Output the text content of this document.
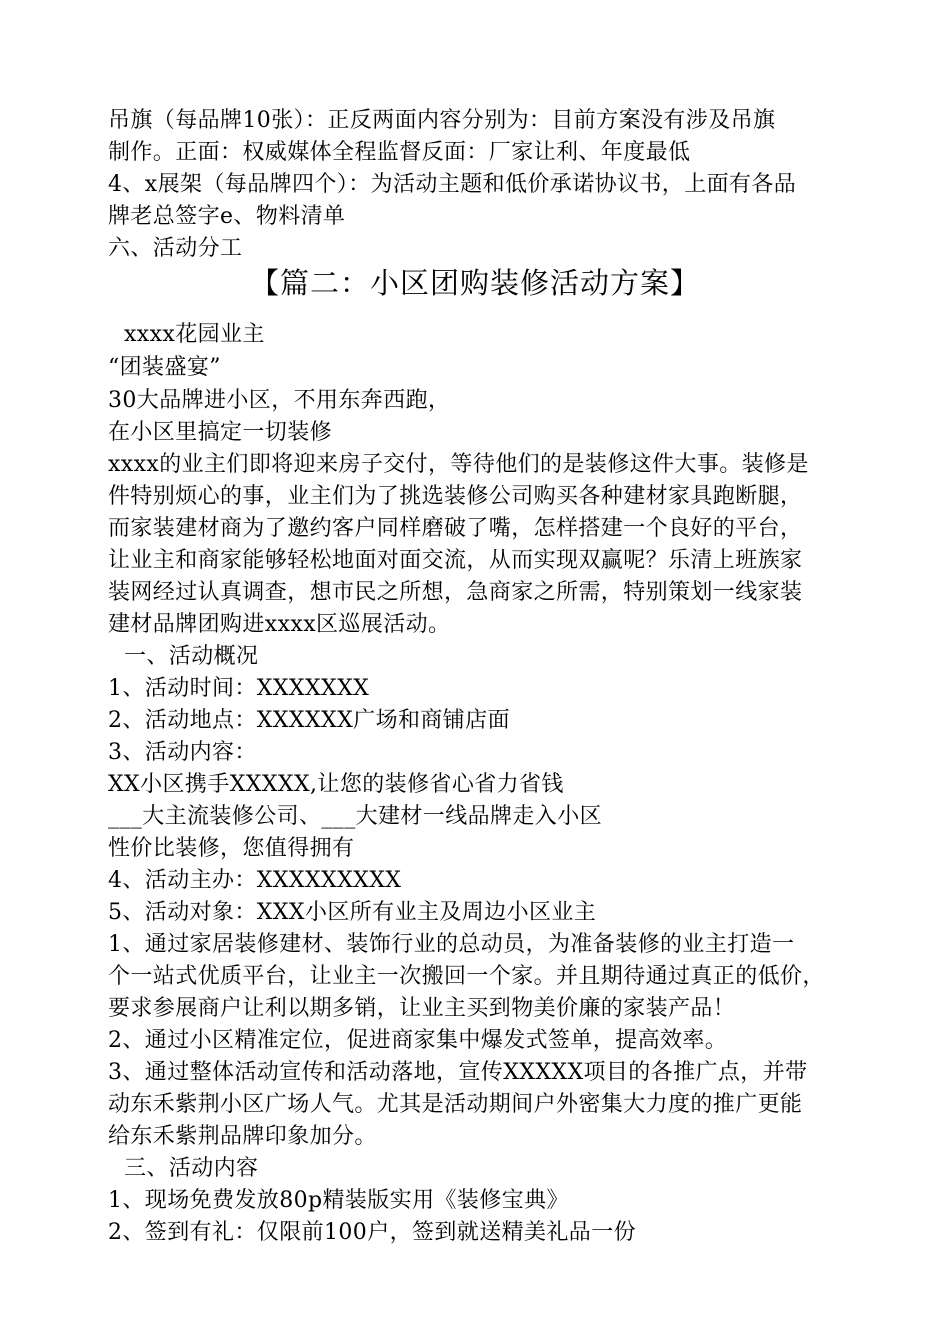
吊旗（每品牌10张）：正反两面内容分别为：目前方案没有涉及吊旗
制作。正面：权威媒体全程监督反面：厂家让利、年度最低
4、x展架（每品牌四个）：为活动主题和低价承诺协议书，上面有各品
牌老总签字e、物料清单
六、活动分工
【篇二：小区团购装修活动方案】
xxxx花园业主
“团装盛宴”
30大品牌进小区，不用东奔西跑，
在小区里搞定一切装修
xxxx的业主们即将迎来房子交付，等待他们的是装修这件大事。装修是
件特别烦心的事，业主们为了挑选装修公司购买各种建材家具跑断腿，
而家装建材商为了邀约客户同样磨破了嘴，怎样搭建一个良好的平台，
让业主和商家能够轻松地面对面交流，从而实现双赢呢？乐清上班族家
装网经过认真调查，想市民之所想，急商家之所需，特别策划一线家装
建材品牌团购进xxxx区巡展活动。
一、活动概况
1、活动时间：XXXXXXX
2、活动地点：XXXXXX广场和商铺店面
3、活动内容：
XX小区携手XXXXX,让您的装修省心省力省钱
___大主流装修公司、___大建材一线品牌走入小区
性价比装修，您值得拥有
4、活动主办：XXXXXXXXX
5、活动对象：XXX小区所有业主及周边小区业主
1、通过家居装修建材、装饰行业的总动员，为准备装修的业主打造一
个一站式优质平台，让业主一次搬回一个家。并且期待通过真正的低价，
要求参展商户让利以期多销，让业主买到物美价廉的家装产品！
2、通过小区精准定位，促进商家集中爆发式签单，提高效率。
3、通过整体活动宣传和活动落地，宣传XXXXX项目的各推广点，并带
动东禾紫荆小区广场人气。尤其是活动期间户外密集大力度的推广更能
给东禾紫荆品牌印象加分。
三、活动内容
1、现场免费发放80p精装版实用《装修宝典》
2、签到有礼：仅限前100户，签到就送精美礼品一份
